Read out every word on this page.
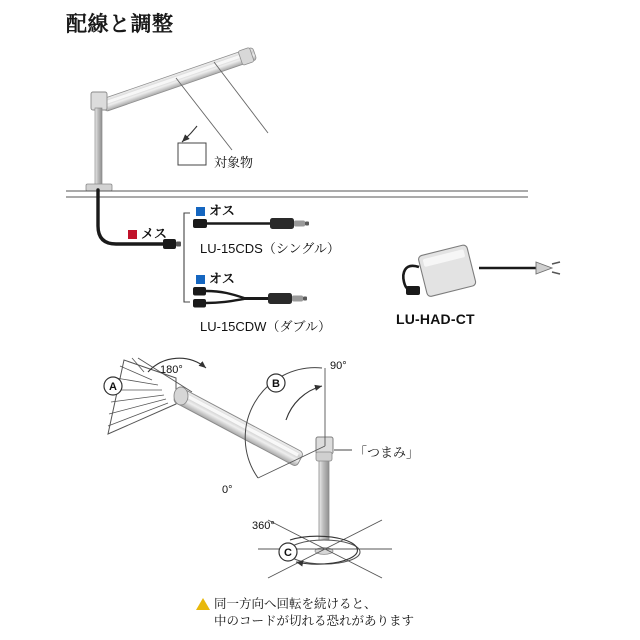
配線と調整
A	B
C
対象物
メス
オス
LU-15CDS（シングル）
オス
LU-15CDW（ダブル）	LU-HAD-CT
180°	90°
0°
360°
「つまみ」
同一方向へ回転を続けると、
中のコードが切れる恐れがあります
